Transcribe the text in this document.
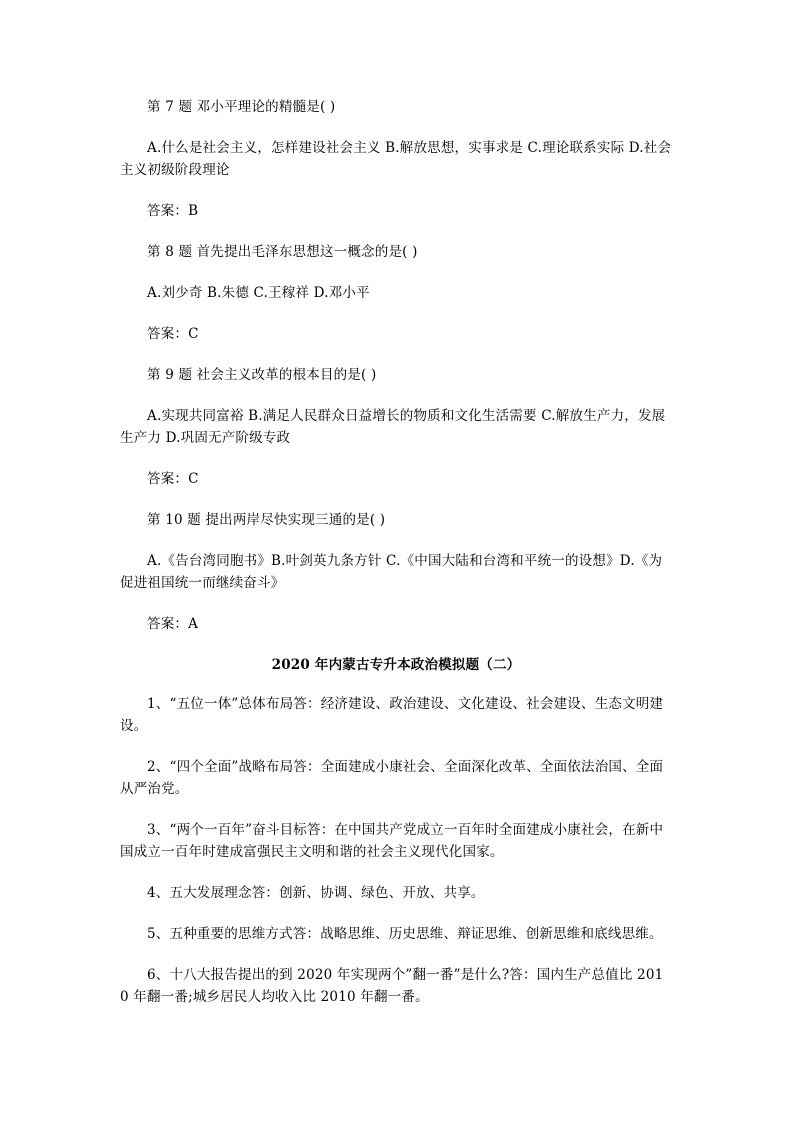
第 7 题 邓小平理论的精髓是( )

A.什么是社会主义，怎样建设社会主义 B.解放思想，实事求是 C.理论联系实际 D.社会主义初级阶段理论

答案：B

第 8 题 首先提出毛泽东思想这一概念的是( )

A.刘少奇 B.朱德 C.王稼祥 D.邓小平

答案：C

第 9 题 社会主义改革的根本目的是( )

A.实现共同富裕 B.满足人民群众日益增长的物质和文化生活需要 C.解放生产力，发展生产力 D.巩固无产阶级专政

答案：C

第 10 题 提出两岸尽快实现三通的是( )

A.《告台湾同胞书》B.叶剑英九条方针 C.《中国大陆和台湾和平统一的设想》D.《为促进祖国统一而继续奋斗》

答案：A

2020 年内蒙古专升本政治模拟题（二）

1、“五位一体”总体布局答：经济建设、政治建设、文化建设、社会建设、生态文明建设。

2、“四个全面”战略布局答：全面建成小康社会、全面深化改革、全面依法治国、全面从严治党。

3、“两个一百年”奋斗目标答：在中国共产党成立一百年时全面建成小康社会，在新中国成立一百年时建成富强民主文明和谐的社会主义现代化国家。

4、五大发展理念答：创新、协调、绿色、开放、共享。

5、五种重要的思维方式答：战略思维、历史思维、辩证思维、创新思维和底线思维。

6、十八大报告提出的到 2020 年实现两个”翻一番”是什么?答：国内生产总值比 2010 年翻一番;城乡居民人均收入比 2010 年翻一番。
